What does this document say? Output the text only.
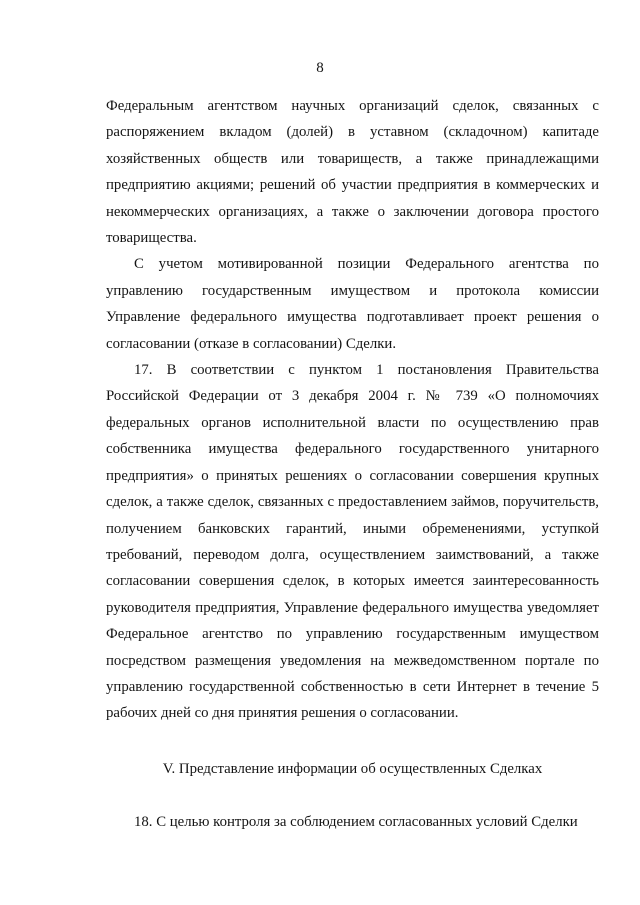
8

Федеральным агентством научных организаций сделок, связанных с распоряжением вкладом (долей) в уставном (складочном) капитаде хозяйственных обществ или товариществ, а также принадлежащими предприятию акциями; решений об участии предприятия в коммерческих и некоммерческих организациях, а также о заключении договора простого товарищества.

С учетом мотивированной позиции Федерального агентства по управлению государственным имуществом и протокола комиссии Управление федерального имущества подготавливает проект решения о согласовании (отказе в согласовании) Сделки.

17. В соответствии с пунктом 1 постановления Правительства Российской Федерации от 3 декабря 2004 г. № 739 «О полномочиях федеральных органов исполнительной власти по осуществлению прав собственника имущества федерального государственного унитарного предприятия» о принятых решениях о согласовании совершения крупных сделок, а также сделок, связанных с предоставлением займов, поручительств, получением банковских гарантий, иными обременениями, уступкой требований, переводом долга, осуществлением заимствований, а также согласовании совершения сделок, в которых имеется заинтересованность руководителя предприятия, Управление федерального имущества уведомляет Федеральное агентство по управлению государственным имуществом посредством размещения уведомления на межведомственном портале по управлению государственной собственностью в сети Интернет в течение 5 рабочих дней со дня принятия решения о согласовании.

V. Представление информации об осуществленных Сделках

18. С целью контроля за соблюдением согласованных условий Сделки
